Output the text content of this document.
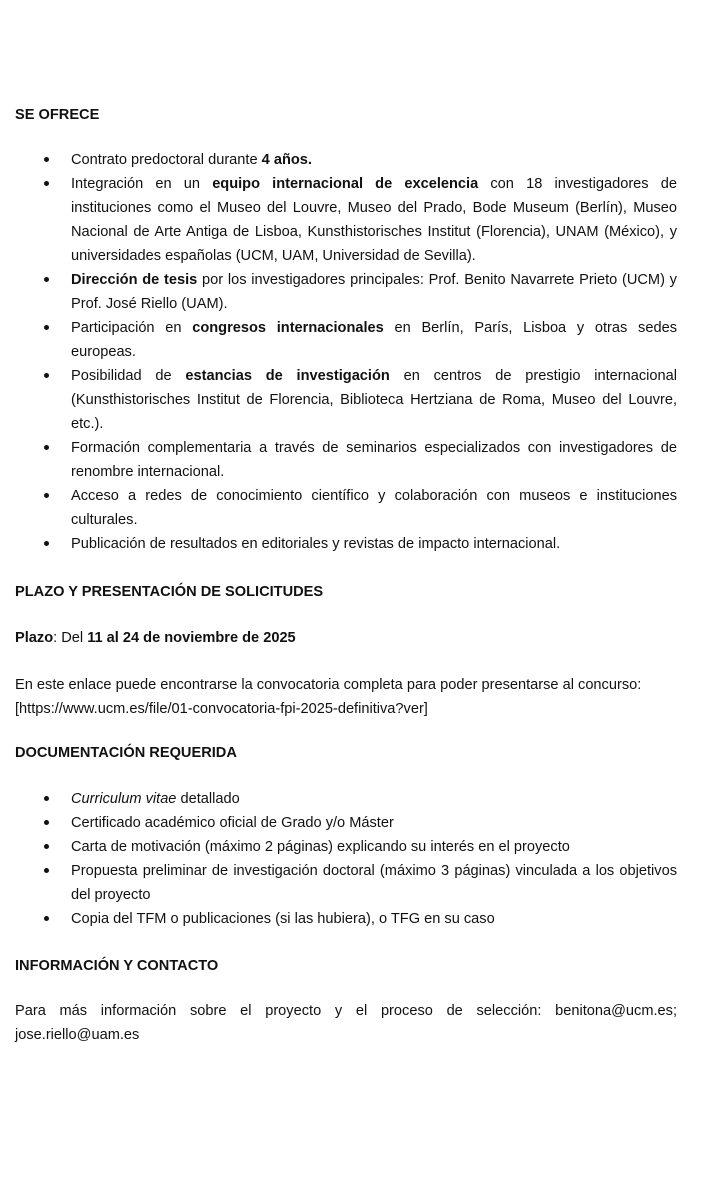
SE OFRECE
Contrato predoctoral durante 4 años.
Integración en un equipo internacional de excelencia con 18 investigadores de instituciones como el Museo del Louvre, Museo del Prado, Bode Museum (Berlín), Museo Nacional de Arte Antiga de Lisboa, Kunsthistorisches Institut (Florencia), UNAM (México), y universidades españolas (UCM, UAM, Universidad de Sevilla).
Dirección de tesis por los investigadores principales: Prof. Benito Navarrete Prieto (UCM) y Prof. José Riello (UAM).
Participación en congresos internacionales en Berlín, París, Lisboa y otras sedes europeas.
Posibilidad de estancias de investigación en centros de prestigio internacional (Kunsthistorisches Institut de Florencia, Biblioteca Hertziana de Roma, Museo del Louvre, etc.).
Formación complementaria a través de seminarios especializados con investigadores de renombre internacional.
Acceso a redes de conocimiento científico y colaboración con museos e instituciones culturales.
Publicación de resultados en editoriales y revistas de impacto internacional.
PLAZO Y PRESENTACIÓN DE SOLICITUDES
Plazo: Del 11 al 24 de noviembre de 2025
En este enlace puede encontrarse la convocatoria completa para poder presentarse al concurso:
[https://www.ucm.es/file/01-convocatoria-fpi-2025-definitiva?ver]
DOCUMENTACIÓN REQUERIDA
Curriculum vitae detallado
Certificado académico oficial de Grado y/o Máster
Carta de motivación (máximo 2 páginas) explicando su interés en el proyecto
Propuesta preliminar de investigación doctoral (máximo 3 páginas) vinculada a los objetivos del proyecto
Copia del TFM o publicaciones (si las hubiera), o TFG en su caso
INFORMACIÓN Y CONTACTO
Para más información sobre el proyecto y el proceso de selección: benitona@ucm.es; jose.riello@uam.es
